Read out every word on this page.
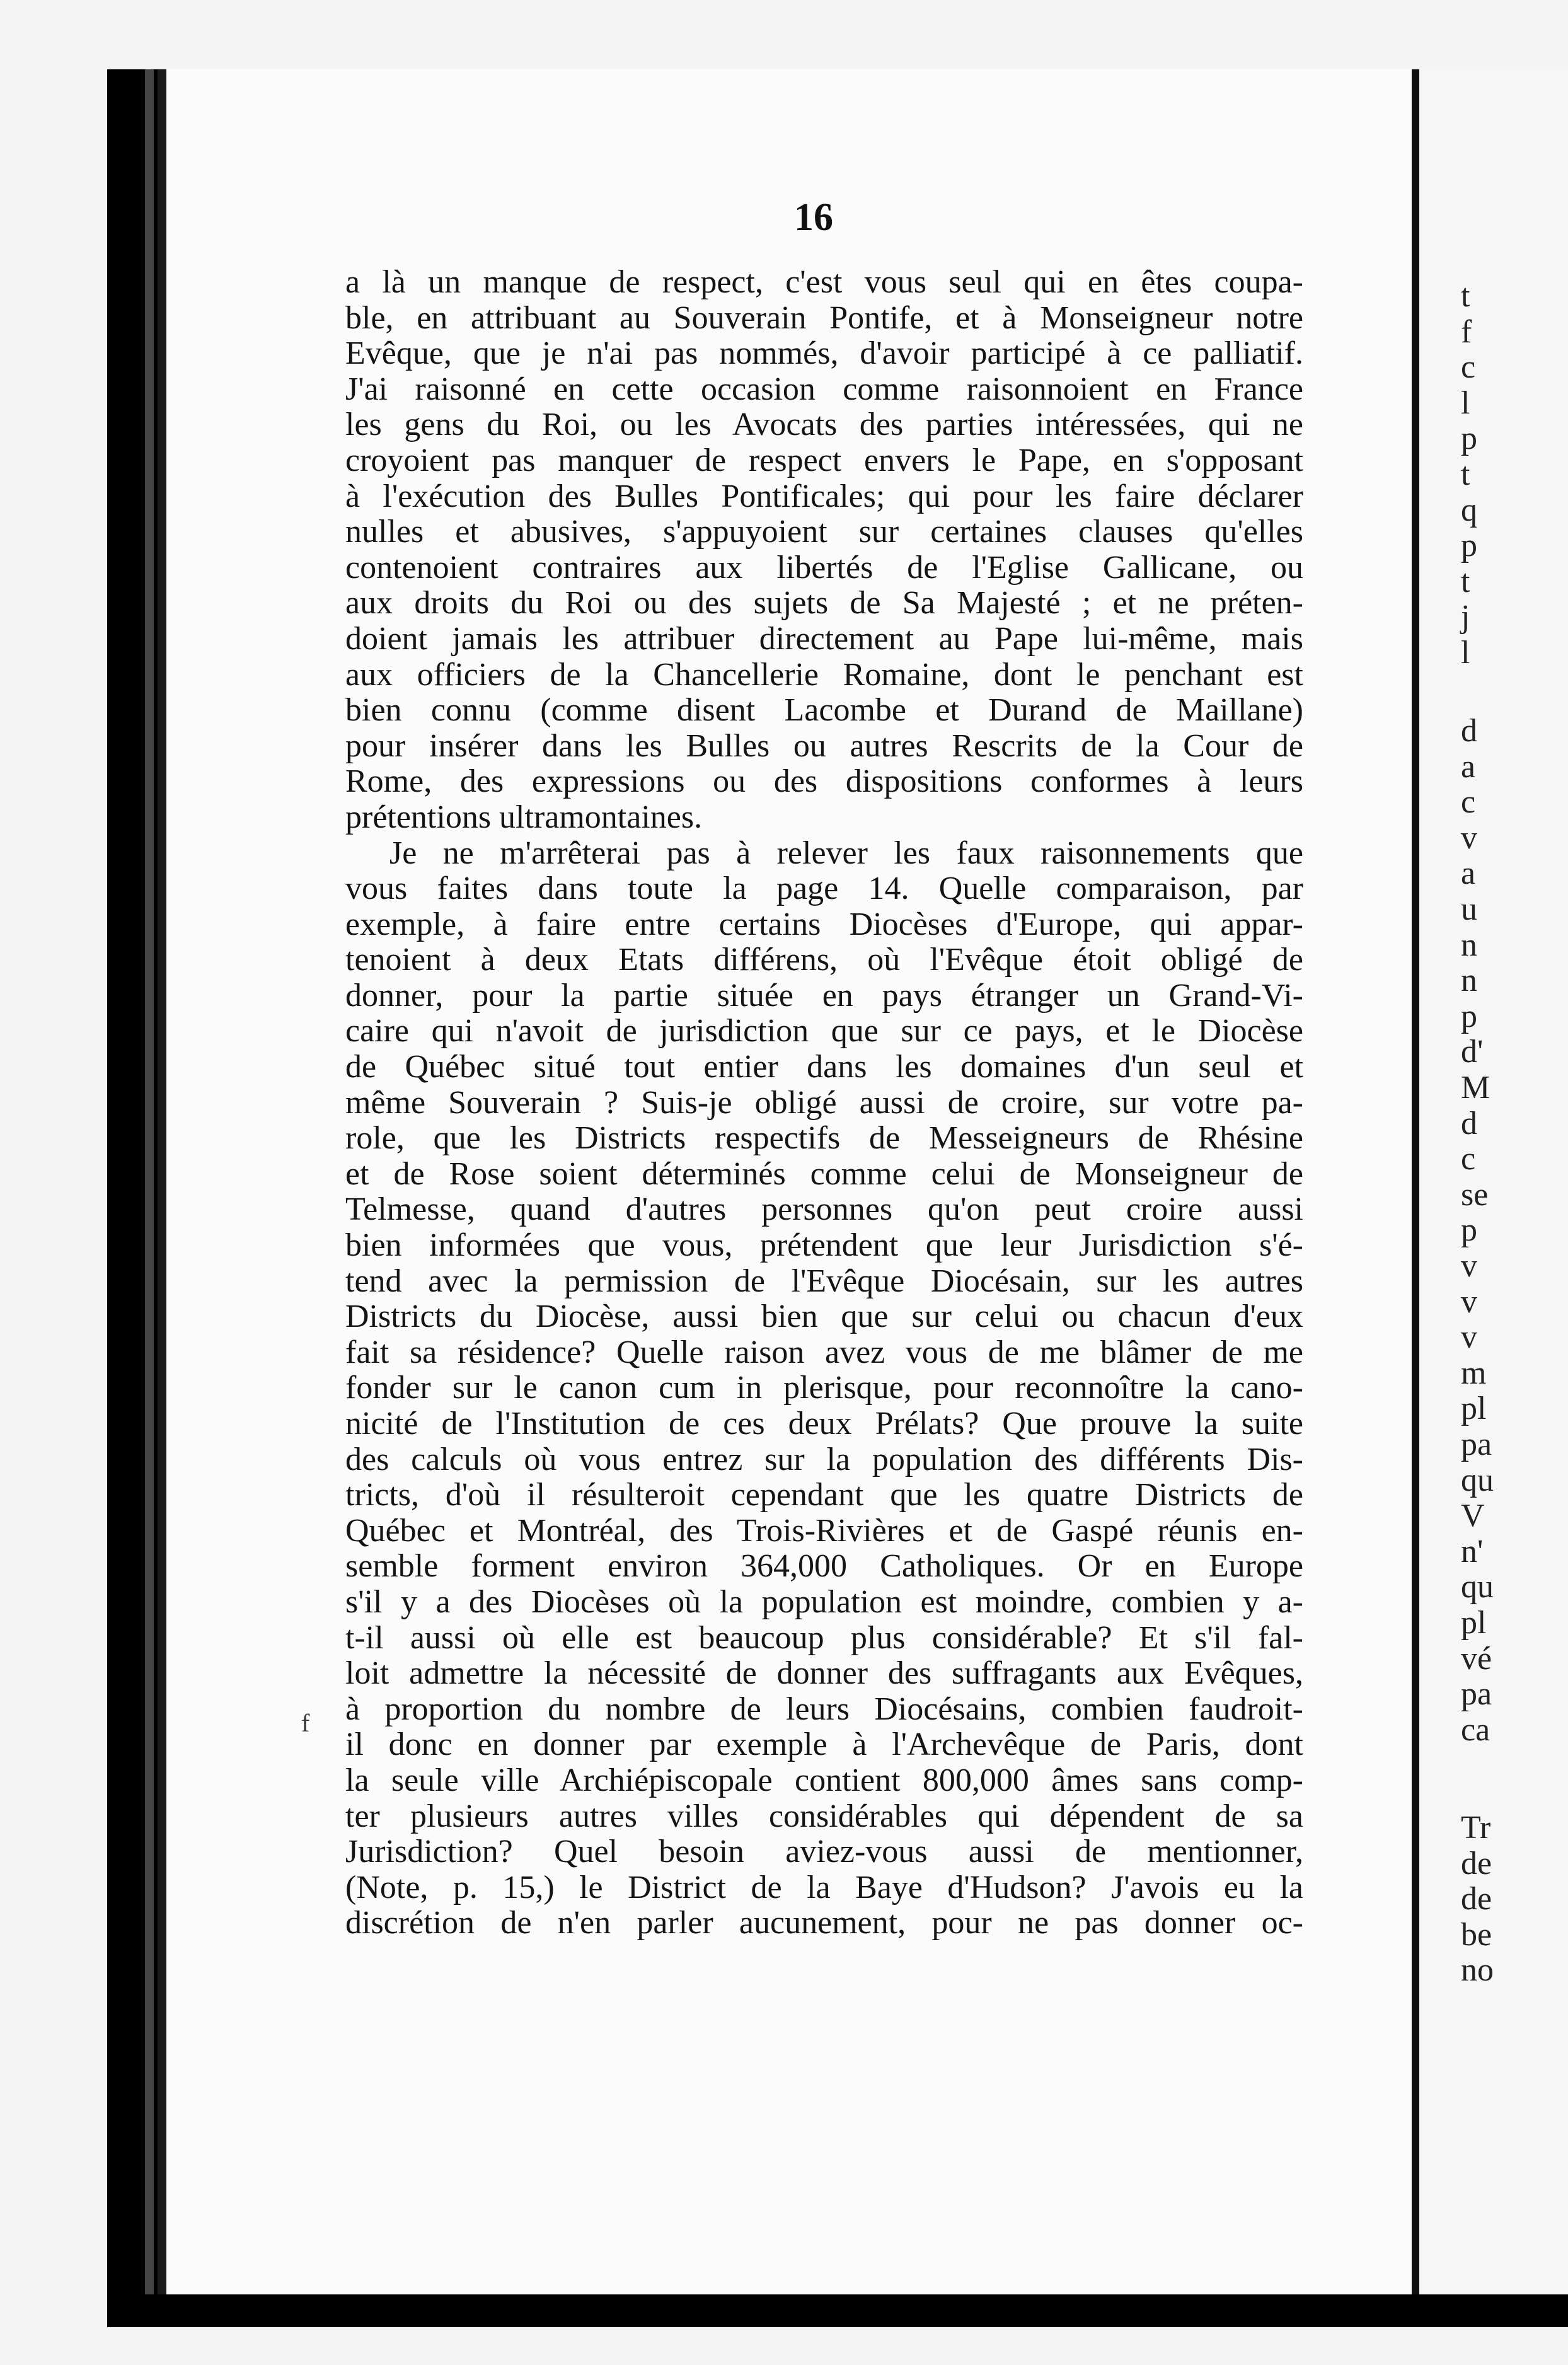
16
a là un manque de respect, c'est vous seul qui en êtes coupa-
ble, en attribuant au Souverain Pontife, et à Monseigneur notre
Evêque, que je n'ai pas nommés, d'avoir participé à ce palliatif.
J'ai raisonné en cette occasion comme raisonnoient en France
les gens du Roi, ou les Avocats des parties intéressées, qui ne
croyoient pas manquer de respect envers le Pape, en s'opposant
à l'exécution des Bulles Pontificales; qui pour les faire déclarer
nulles et abusives, s'appuyoient sur certaines clauses qu'elles
contenoient contraires aux libertés de l'Eglise Gallicane, ou
aux droits du Roi ou des sujets de Sa Majesté ; et ne préten-
doient jamais les attribuer directement au Pape lui-même, mais
aux officiers de la Chancellerie Romaine, dont le penchant est
bien connu (comme disent Lacombe et Durand de Maillane)
pour insérer dans les Bulles ou autres Rescrits de la Cour de
Rome, des expressions ou des dispositions conformes à leurs
prétentions ultramontaines.
Je ne m'arrêterai pas à relever les faux raisonnements que
vous faites dans toute la page 14. Quelle comparaison, par
exemple, à faire entre certains Diocèses d'Europe, qui appar-
tenoient à deux Etats différens, où l'Evêque étoit obligé de
donner, pour la partie située en pays étranger un Grand-Vi-
caire qui n'avoit de jurisdiction que sur ce pays, et le Diocèse
de Québec situé tout entier dans les domaines d'un seul et
même Souverain ? Suis-je obligé aussi de croire, sur votre pa-
role, que les Districts respectifs de Messeigneurs de Rhésine
et de Rose soient déterminés comme celui de Monseigneur de
Telmesse, quand d'autres personnes qu'on peut croire aussi
bien informées que vous, prétendent que leur Jurisdiction s'é-
tend avec la permission de l'Evêque Diocésain, sur les autres
Districts du Diocèse, aussi bien que sur celui ou chacun d'eux
fait sa résidence? Quelle raison avez vous de me blâmer de me
fonder sur le canon cum in plerisque, pour reconnoître la cano-
nicité de l'Institution de ces deux Prélats? Que prouve la suite
des calculs où vous entrez sur la population des différents Dis-
tricts, d'où il résulteroit cependant que les quatre Districts de
Québec et Montréal, des Trois-Rivières et de Gaspé réunis en-
semble forment environ 364,000 Catholiques. Or en Europe
s'il y a des Diocèses où la population est moindre, combien y a-
t-il aussi où elle est beaucoup plus considérable? Et s'il fal-
loit admettre la nécessité de donner des suffragants aux Evêques,
à proportion du nombre de leurs Diocésains, combien faudroit-
il donc en donner par exemple à l'Archevêque de Paris, dont
la seule ville Archiépiscopale contient 800,000 âmes sans comp-
ter plusieurs autres villes considérables qui dépendent de sa
Jurisdiction? Quel besoin aviez-vous aussi de mentionner,
(Note, p. 15,) le District de la Baye d'Hudson? J'avois eu la
discrétion de n'en parler aucunement, pour ne pas donner oc-
f
t
f
c
l
p
t
q
p
t
j
l
d
a
c
v
a
u
n
n
p
d'
M
d
c
se
p
v
v
v
m
pl
pa
qu
V
n'
qu
pl
vé
pa
ca
Tr
de
de
be
no
